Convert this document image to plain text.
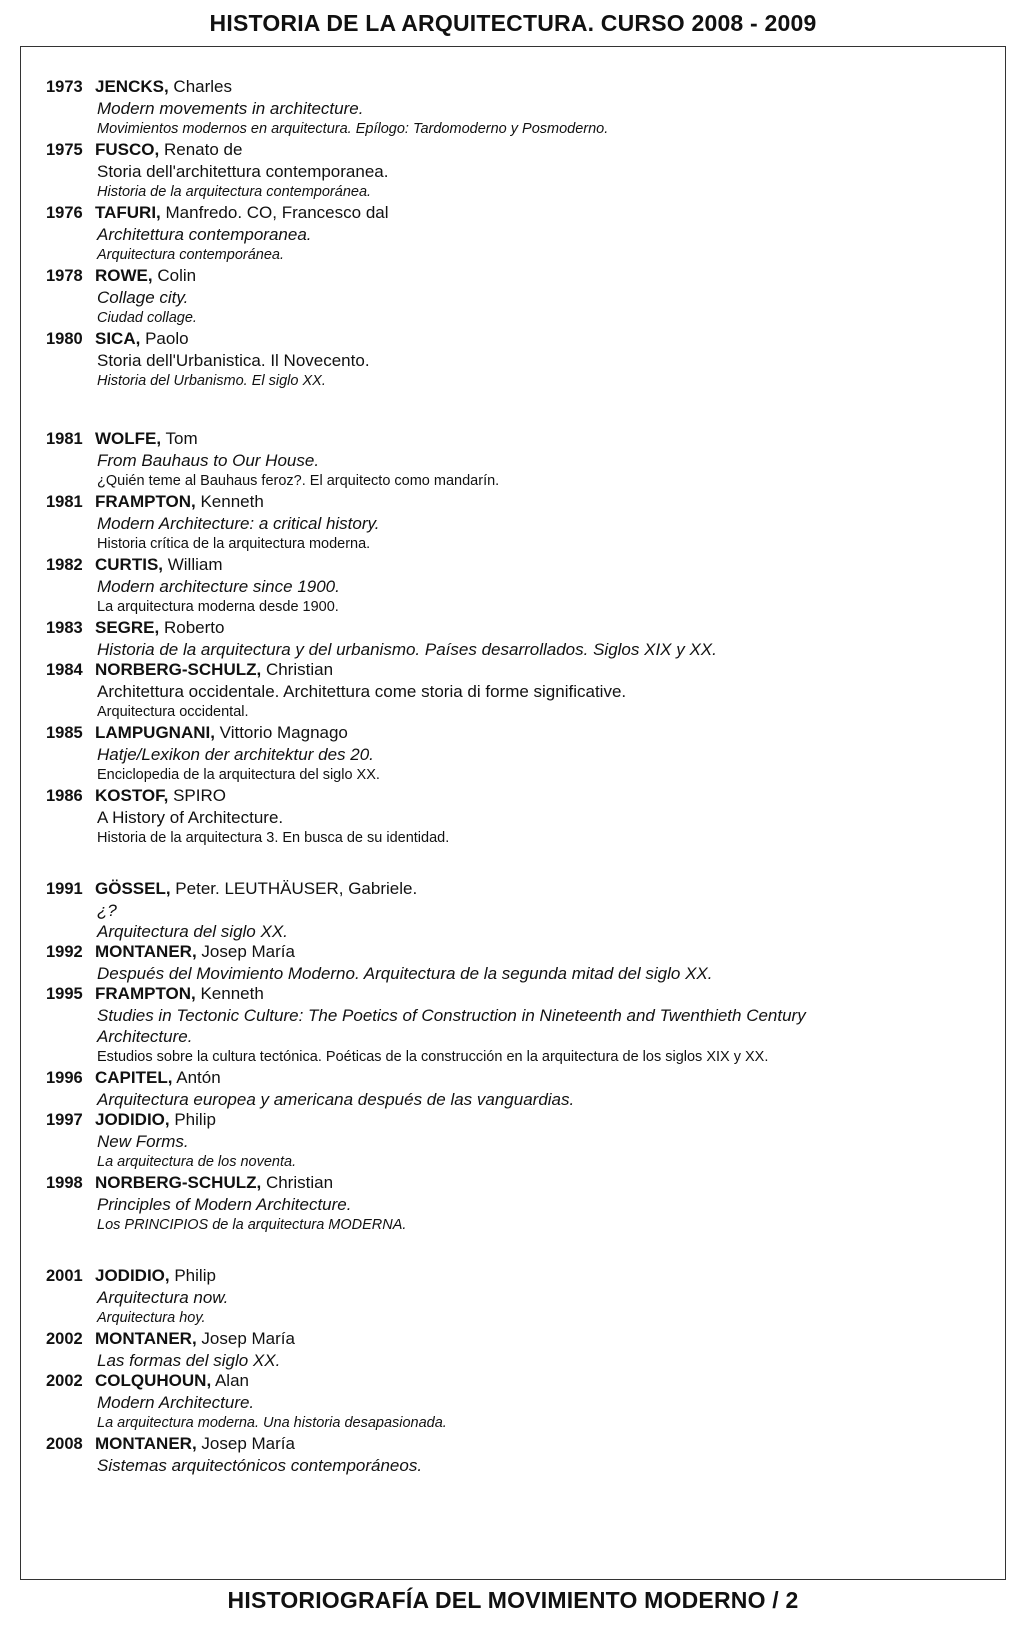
HISTORIA DE LA ARQUITECTURA. CURSO 2008 - 2009
1973 JENCKS, Charles
Modern movements in architecture.
Movimientos modernos en arquitectura. Epílogo: Tardomoderno y Posmoderno.
1975 FUSCO, Renato de
Storia dell'architettura contemporanea.
Historia de la arquitectura contemporánea.
1976 TAFURI, Manfredo. CO, Francesco dal
Architettura contemporanea.
Arquitectura contemporánea.
1978 ROWE, Colin
Collage city.
Ciudad collage.
1980 SICA, Paolo
Storia dell'Urbanistica. Il Novecento.
Historia del Urbanismo. El siglo XX.
1981 WOLFE, Tom
From Bauhaus to Our House.
¿Quién teme al Bauhaus feroz?. El arquitecto como mandarín.
1981 FRAMPTON, Kenneth
Modern Architecture: a critical history.
Historia crítica de la arquitectura moderna.
1982 CURTIS, William
Modern architecture since 1900.
La arquitectura moderna desde 1900.
1983 SEGRE, Roberto
Historia de la arquitectura y del urbanismo. Países desarrollados. Siglos XIX y XX.
1984 NORBERG-SCHULZ, Christian
Architettura occidentale. Architettura come storia di forme significative.
Arquitectura occidental.
1985 LAMPUGNANI, Vittorio Magnago
Hatje/Lexikon der architektur des 20.
Enciclopedia de la arquitectura del siglo XX.
1986 KOSTOF, SPIRO
A History of Architecture.
Historia de la arquitectura 3. En busca de su identidad.
1991 GÖSSEL, Peter. LEUTHÄUSER, Gabriele.
¿?
Arquitectura del siglo XX.
1992 MONTANER, Josep María
Después del Movimiento Moderno. Arquitectura de la segunda mitad del siglo XX.
1995 FRAMPTON, Kenneth
Studies in Tectonic Culture: The Poetics of Construction in Nineteenth and Twenthieth Century
Architecture.
Estudios sobre la cultura tectónica. Poéticas de la construcción en la arquitectura de los siglos XIX y XX.
1996 CAPITEL, Antón
Arquitectura europea y americana después de las vanguardias.
1997 JODIDIO, Philip
New Forms.
La arquitectura de los noventa.
1998 NORBERG-SCHULZ, Christian
Principles of Modern Architecture.
Los PRINCIPIOS de la arquitectura MODERNA.
2001 JODIDIO, Philip
Arquitectura now.
Arquitectura hoy.
2002 MONTANER, Josep María
Las formas del siglo XX.
2002 COLQUHOUN, Alan
Modern Architecture.
La arquitectura moderna. Una historia desapasionada.
2008 MONTANER, Josep María
Sistemas arquitectónicos contemporáneos.
HISTORIOGRAFÍA DEL MOVIMIENTO MODERNO / 2
